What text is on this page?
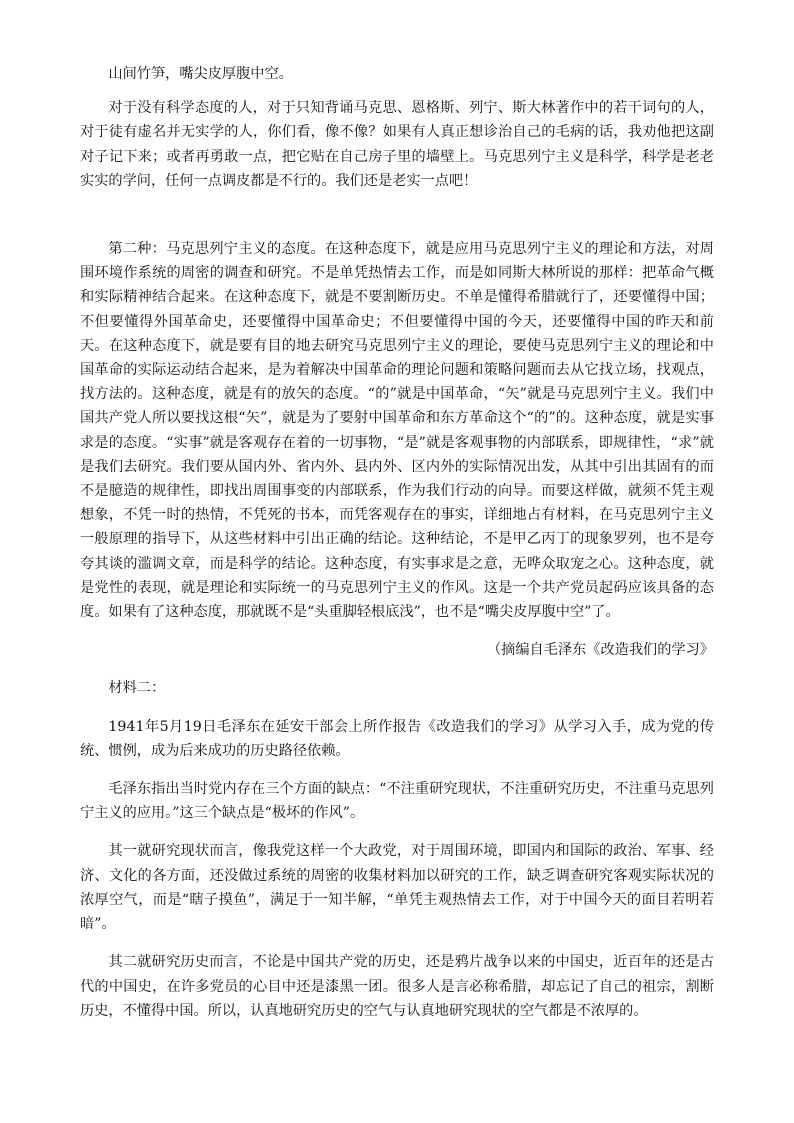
山间竹笋，嘴尖皮厚腹中空。

对于没有科学态度的人，对于只知背诵马克思、恩格斯、列宁、斯大林著作中的若干词句的人，对于徒有虚名并无实学的人，你们看，像不像？如果有人真正想诊治自己的毛病的话，我劝他把这副对子记下来；或者再勇敢一点，把它贴在自己房子里的墙壁上。马克思列宁主义是科学，科学是老老实实的学问，任何一点调皮都是不行的。我们还是老实一点吧！

第二种：马克思列宁主义的态度。在这种态度下，就是应用马克思列宁主义的理论和方法，对周围环境作系统的周密的调查和研究。不是单凭热情去工作，而是如同斯大林所说的那样：把革命气概和实际精神结合起来。在这种态度下，就是不要割断历史。不单是懂得希腊就行了，还要懂得中国；不但要懂得外国革命史，还要懂得中国革命史；不但要懂得中国的今天，还要懂得中国的昨天和前天。在这种态度下，就是要有目的地去研究马克思列宁主义的理论，要使马克思列宁主义的理论和中国革命的实际运动结合起来，是为着解决中国革命的理论问题和策略问题而去从它找立场，找观点，找方法的。这种态度，就是有的放矢的态度。“的”就是中国革命，“矢”就是马克思列宁主义。我们中国共产党人所以要找这根“矢”，就是为了要射中国革命和东方革命这个“的”的。这种态度，就是实事求是的态度。“实事”就是客观存在着的一切事物，“是”就是客观事物的内部联系，即规律性，“求”就是我们去研究。我们要从国内外、省内外、县内外、区内外的实际情况出发，从其中引出其固有的而不是臆造的规律性，即找出周围事变的内部联系，作为我们行动的向导。而要这样做，就须不凭主观想象，不凭一时的热情，不凭死的书本，而凭客观存在的事实，详细地占有材料，在马克思列宁主义一般原理的指导下，从这些材料中引出正确的结论。这种结论，不是甲乙丙丁的现象罗列，也不是夸夸其谈的滥调文章，而是科学的结论。这种态度，有实事求是之意，无哗众取宠之心。这种态度，就是党性的表现，就是理论和实际统一的马克思列宁主义的作风。这是一个共产党员起码应该具备的态度。如果有了这种态度，那就既不是“头重脚轻根底浅”，也不是“嘴尖皮厚腹中空”了。

（摘编自毛泽东《改造我们的学习》

材料二：

1941年5月19日毛泽东在延安干部会上所作报告《改造我们的学习》从学习入手，成为党的传统、惯例，成为后来成功的历史路径依赖。

毛泽东指出当时党内存在三个方面的缺点：“不注重研究现状，不注重研究历史，不注重马克思列宁主义的应用。”这三个缺点是“极坏的作风”。

其一就研究现状而言，像我党这样一个大政党，对于周围环境，即国内和国际的政治、军事、经济、文化的各方面，还没做过系统的周密的收集材料加以研究的工作，缺乏调查研究客观实际状况的浓厚空气，而是“瞎子摸鱼”，满足于一知半解，“单凭主观热情去工作，对于中国今天的面目若明若暗”。

其二就研究历史而言，不论是中国共产党的历史，还是鸦片战争以来的中国史，近百年的还是古代的中国史，在许多党员的心目中还是漆黑一团。很多人是言必称希腊，却忘记了自己的祖宗，割断历史，不懂得中国。所以，认真地研究历史的空气与认真地研究现状的空气都是不浓厚的。
